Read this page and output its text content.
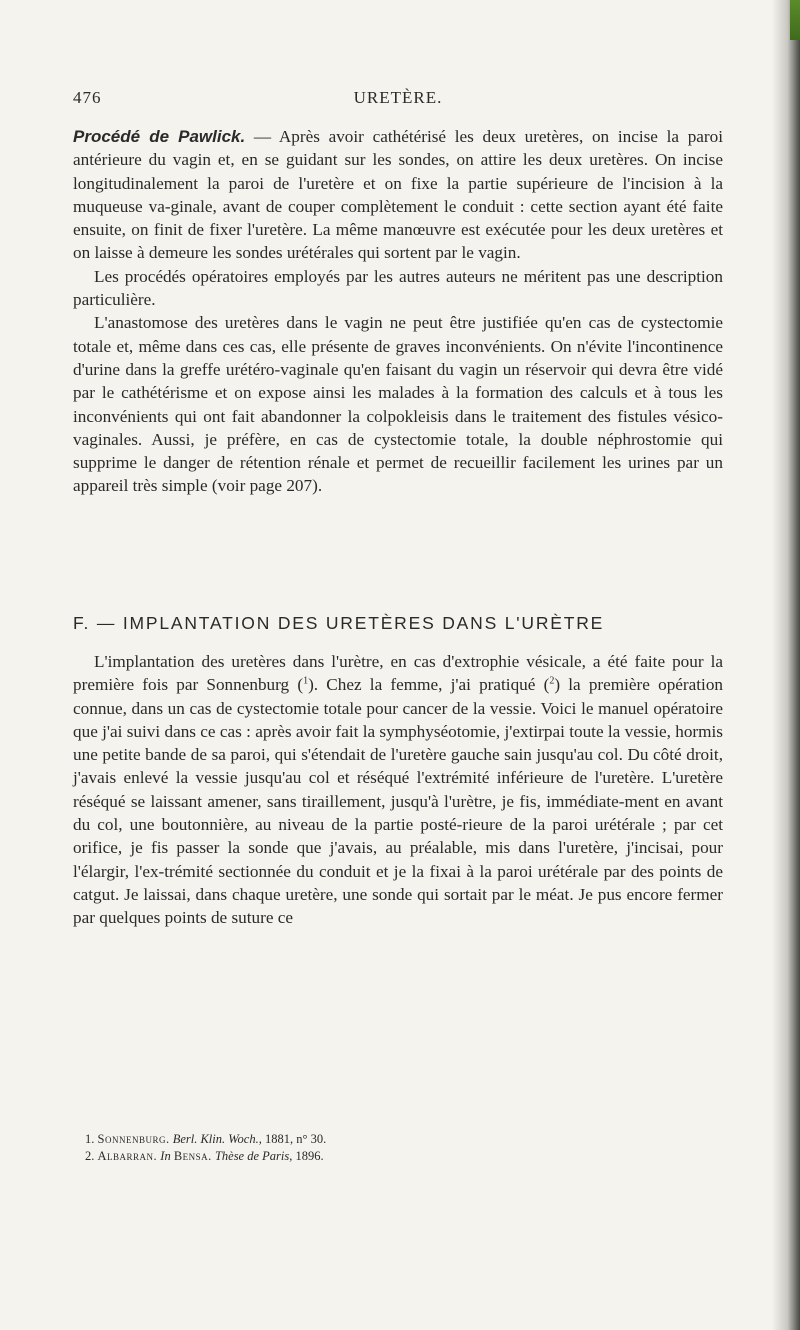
476	URETÈRE.

Procédé de Pawlick. — Après avoir cathétérisé les deux uretères, on incise la paroi antérieure du vagin et, en se guidant sur les sondes, on attire les deux uretères. On incise longitudinalement la paroi de l'uretère et on fixe la partie supérieure de l'incision à la muqueuse va-ginale, avant de couper complètement le conduit : cette section ayant été faite ensuite, on finit de fixer l'uretère. La même manœuvre est exécutée pour les deux uretères et on laisse à demeure les sondes urétérales qui sortent par le vagin.

Les procédés opératoires employés par les autres auteurs ne méritent pas une description particulière.

L'anastomose des uretères dans le vagin ne peut être justifiée qu'en cas de cystectomie totale et, même dans ces cas, elle présente de graves inconvénients. On n'évite l'incontinence d'urine dans la greffe urétéro-vaginale qu'en faisant du vagin un réservoir qui devra être vidé par le cathétérisme et on expose ainsi les malades à la formation des calculs et à tous les inconvénients qui ont fait abandonner la colpokleisis dans le traitement des fistules vésico-vaginales. Aussi, je préfère, en cas de cystectomie totale, la double néphrostomie qui supprime le danger de rétention rénale et permet de recueillir facilement les urines par un appareil très simple (voir page 207).

F. — IMPLANTATION DES URETÈRES DANS L'URÈTRE

L'implantation des uretères dans l'urètre, en cas d'extrophie vésicale, a été faite pour la première fois par Sonnenburg ($^1$). Chez la femme, j'ai pratiqué ($^2$) la première opération connue, dans un cas de cystectomie totale pour cancer de la vessie. Voici le manuel opératoire que j'ai suivi dans ce cas : après avoir fait la symphyséotomie, j'extirpai toute la vessie, hormis une petite bande de sa paroi, qui s'étendait de l'uretère gauche sain jusqu'au col. Du côté droit, j'avais enlevé la vessie jusqu'au col et réséqué l'extrémité inférieure de l'uretère. L'uretère réséqué se laissant amener, sans tiraillement, jusqu'à l'urètre, je fis, immédiate-ment en avant du col, une boutonnière, au niveau de la partie posté-rieure de la paroi urétérale ; par cet orifice, je fis passer la sonde que j'avais, au préalable, mis dans l'uretère, j'incisai, pour l'élargir, l'ex-trémité sectionnée du conduit et je la fixai à la paroi urétérale par des points de catgut. Je laissai, dans chaque uretère, une sonde qui sortait par le méat. Je pus encore fermer par quelques points de suture ce

1. Sonnenburg. Berl. Klin. Woch., 1881, n° 30.

2. Albarran. In Bensa. Thèse de Paris, 1896.
